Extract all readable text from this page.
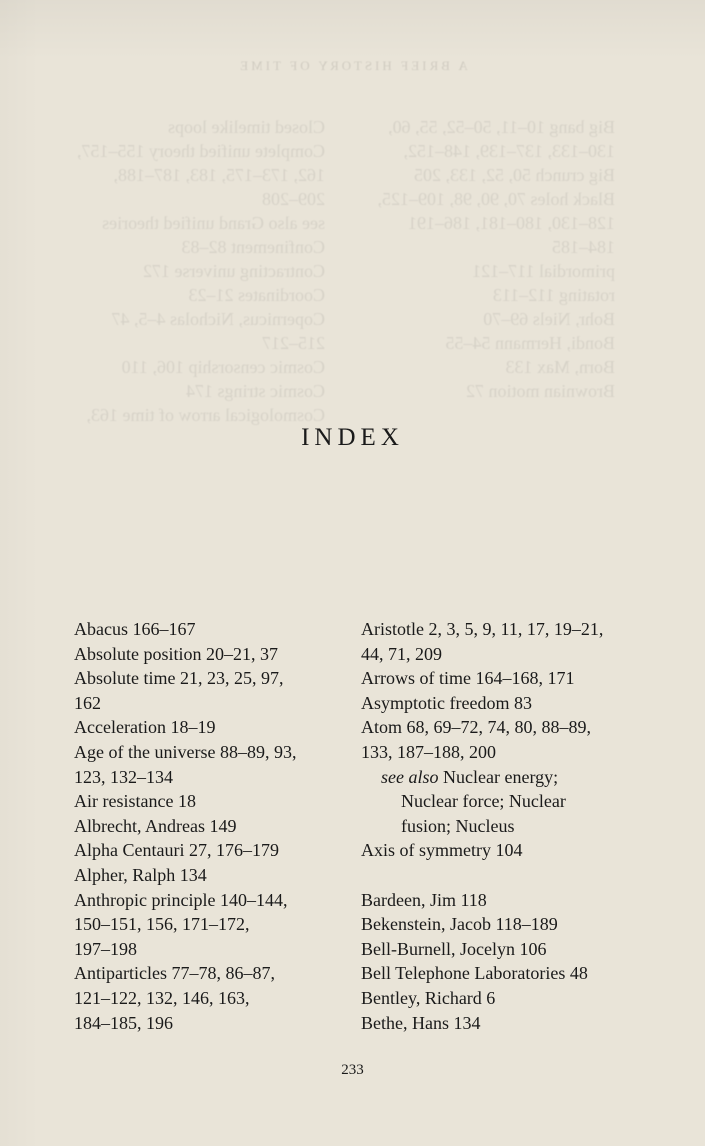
A BRIEF HISTORY OF TIME
Big bang 10–11, 50–52, 55, 60,
130–133, 137–139, 148–152,
Big crunch 50, 52, 133, 205
Black holes 70, 90, 98, 109–125,
128–130, 180–181, 186–191
184–185
primordial 117–121
rotating 112–113
Bohr, Niels 69–70
Bondi, Hermann 54–55
Born, Max 133
Brownian motion 72
Closed timelike loops
Complete unified theory 155–157,
162, 173–175, 183, 187–188,
209–208
see also Grand unified theories
Confinement 82–83
Contracting universe 172
Coordinates 21–23
Copernicus, Nicholas 4–5, 47
215–217
Cosmic censorship 106, 110
Cosmic strings 174
Cosmological arrow of time 163,
INDEX
Abacus 166–167
Absolute position 20–21, 37
Absolute time 21, 23, 25, 97,
162
Acceleration 18–19
Age of the universe 88–89, 93,
123, 132–134
Air resistance 18
Albrecht, Andreas 149
Alpha Centauri 27, 176–179
Alpher, Ralph 134
Anthropic principle 140–144,
150–151, 156, 171–172,
197–198
Antiparticles 77–78, 86–87,
121–122, 132, 146, 163,
184–185, 196
Aristotle 2, 3, 5, 9, 11, 17, 19–21,
44, 71, 209
Arrows of time 164–168, 171
Asymptotic freedom 83
Atom 68, 69–72, 74, 80, 88–89,
133, 187–188, 200
see also Nuclear energy;
Nuclear force; Nuclear
fusion; Nucleus
Axis of symmetry 104
Bardeen, Jim 118
Bekenstein, Jacob 118–189
Bell-Burnell, Jocelyn 106
Bell Telephone Laboratories 48
Bentley, Richard 6
Bethe, Hans 134
233
